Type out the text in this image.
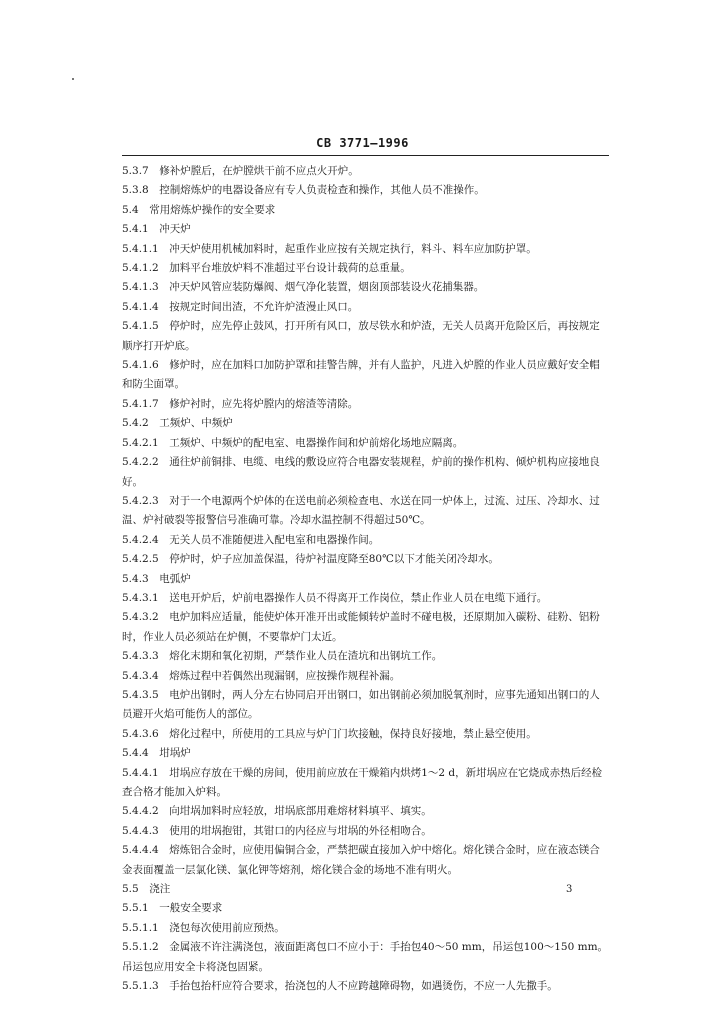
CB 3771—1996

5.3.7　修补炉膛后，在炉膛烘干前不应点火开炉。

5.3.8　控制熔炼炉的电器设备应有专人负责检查和操作，其他人员不准操作。

5.4　常用熔炼炉操作的安全要求

5.4.1　冲天炉

5.4.1.1　冲天炉使用机械加料时，起重作业应按有关规定执行，料斗、料车应加防护罩。

5.4.1.2　加料平台堆放炉料不准超过平台设计载荷的总重量。

5.4.1.3　冲天炉风管应装防爆阀、烟气净化装置，烟囱顶部装设火花捕集器。

5.4.1.4　按规定时间出渣，不允许炉渣漫止风口。

5.4.1.5　停炉时，应先停止鼓风，打开所有风口，放尽铁水和炉渣，无关人员离开危险区后，再按规定顺序打开炉底。

5.4.1.6　修炉时，应在加料口加防护罩和挂警告牌，并有人监护，凡进入炉膛的作业人员应戴好安全帽和防尘面罩。

5.4.1.7　修炉衬时，应先将炉膛内的熔渣等清除。

5.4.2　工频炉、中频炉

5.4.2.1　工频炉、中频炉的配电室、电器操作间和炉前熔化场地应隔离。

5.4.2.2　通往炉前铜排、电缆、电线的敷设应符合电器安装规程，炉前的操作机构、倾炉机构应接地良好。

5.4.2.3　对于一个电源两个炉体的在送电前必须检查电、水送在同一炉体上，过流、过压、冷却水、过温、炉衬破裂等报警信号准确可靠。冷却水温控制不得超过50℃。

5.4.2.4　无关人员不准随便进入配电室和电器操作间。

5.4.2.5　停炉时，炉子应加盖保温，待炉衬温度降至80℃以下才能关闭冷却水。

5.4.3　电弧炉

5.4.3.1　送电开炉后，炉前电器操作人员不得离开工作岗位，禁止作业人员在电缆下通行。

5.4.3.2　电炉加料应适量，能使炉体开准开出或能倾转炉盖时不碰电极，还原期加入碳粉、硅粉、铝粉时，作业人员必须站在炉侧，不要靠炉门太近。

5.4.3.3　熔化末期和氧化初期，严禁作业人员在渣坑和出钢坑工作。

5.4.3.4　熔炼过程中若偶然出现漏钢，应按操作规程补漏。

5.4.3.5　电炉出钢时，两人分左右协同启开出钢口，如出钢前必须加脱氧剂时，应事先通知出钢口的人员避开火焰可能伤人的部位。

5.4.3.6　熔化过程中，所使用的工具应与炉门门坎接触，保持良好接地，禁止悬空使用。

5.4.4　坩埚炉

5.4.4.1　坩埚应存放在干燥的房间，使用前应放在干燥箱内烘烤1～2 d，新坩埚应在它烧成赤热后经检查合格才能加入炉料。

5.4.4.2　向坩埚加料时应轻放，坩埚底部用难熔材料填平、填实。

5.4.4.3　使用的坩埚抱钳，其钳口的内径应与坩埚的外径相吻合。

5.4.4.4　熔炼铝合金时，应使用偏铜合金，严禁把碳直接加入炉中熔化。熔化镁合金时，应在液态镁合金表面覆盖一层氯化镁、氯化钾等熔剂，熔化镁合金的场地不准有明火。

5.5　浇注

5.5.1　一般安全要求

5.5.1.1　浇包每次使用前应预热。

5.5.1.2　金属液不许注满浇包，液面距离包口不应小于：手抬包40～50 mm，吊运包100～150 mm。吊运包应用安全卡将浇包固紧。

5.5.1.3　手抬包抬杆应符合要求，抬浇包的人不应跨越障碍物，如遇烫伤，不应一人先撒手。

3
